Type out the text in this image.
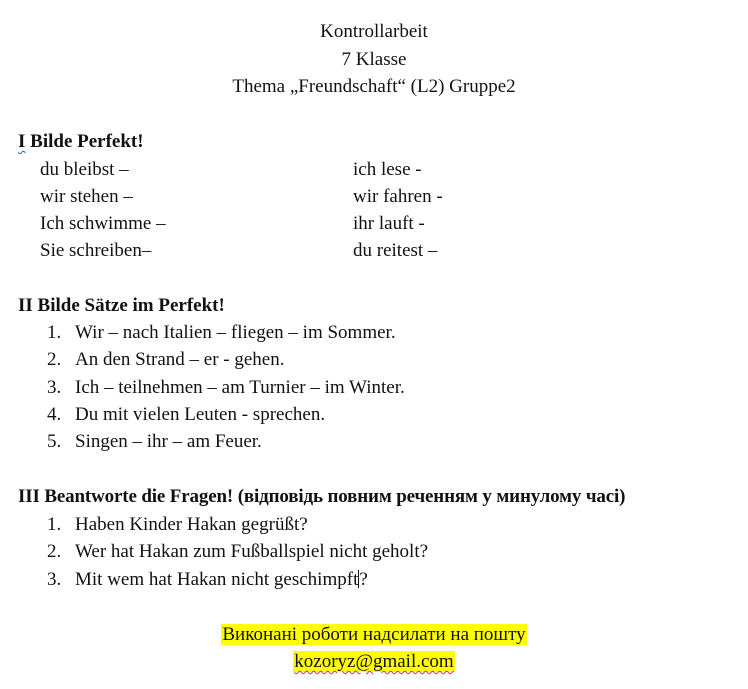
Kontrollarbeit
7 Klasse
Thema „Freundschaft“ (L2) Gruppe2
I Bilde Perfekt!
du bleibst –
wir stehen –
Ich schwimme –
Sie schreiben–
ich lese -
wir fahren -
ihr lauft -
du reitest –
II Bilde Sätze im Perfekt!
1. Wir – nach Italien – fliegen – im Sommer.
2. An den Strand – er - gehen.
3. Ich – teilnehmen – am Turnier – im Winter.
4. Du mit vielen Leuten - sprechen.
5. Singen – ihr – am Feuer.
III Beantworte die Fragen! (відповідь повним реченням у минулому часі)
1. Haben Kinder Hakan gegrüßt?
2. Wer hat Hakan zum Fußballspiel nicht geholt?
3. Mit wem hat Hakan nicht geschimpft?
Виконані роботи надсилати на пошту
kozoryz@gmail.com
